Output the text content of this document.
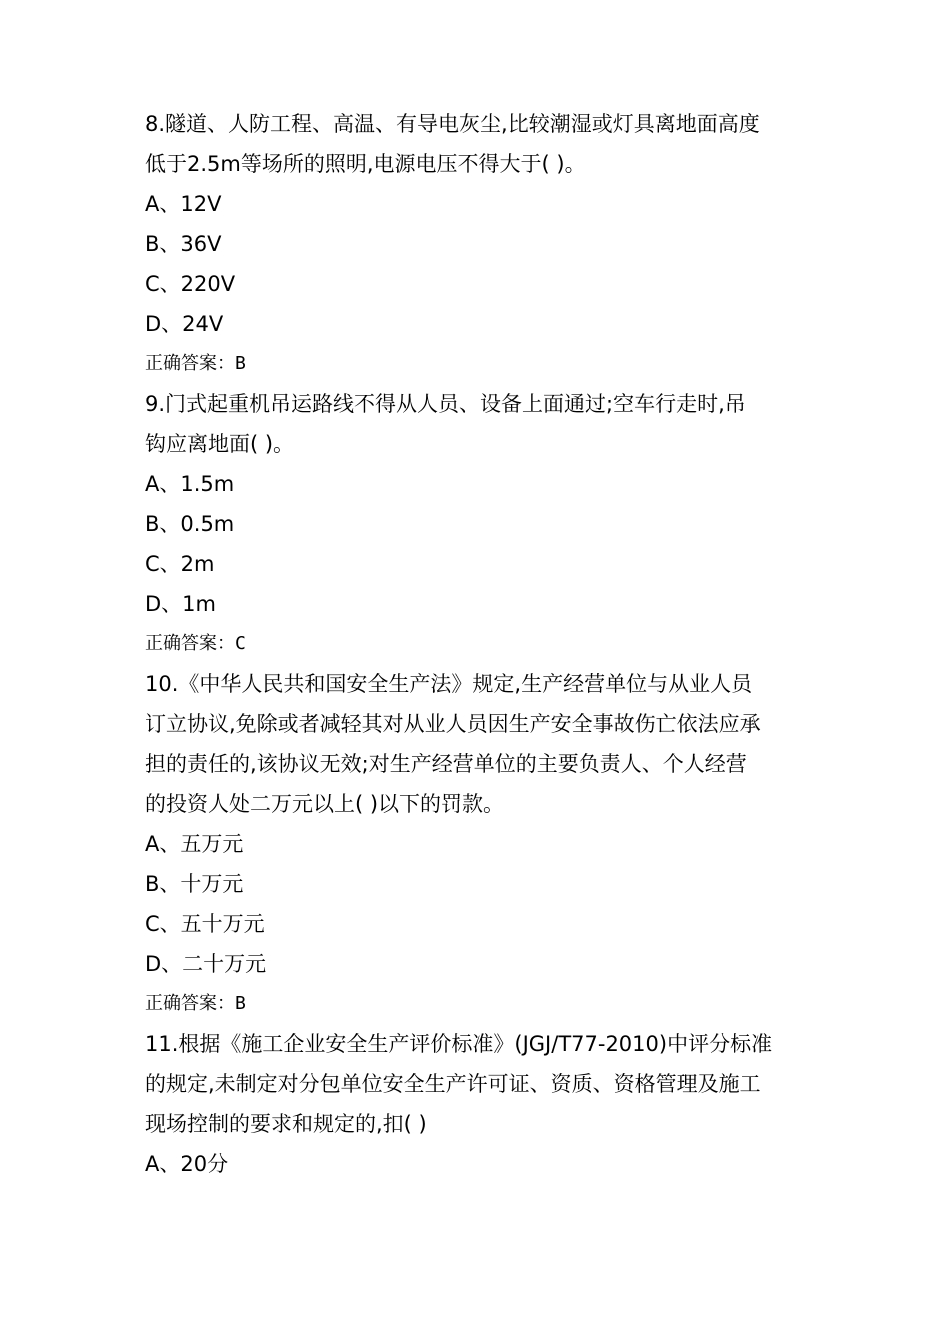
8.隧道、人防工程、高温、有导电灰尘,比较潮湿或灯具离地面高度
低于2.5m等场所的照明,电源电压不得大于( )。
A、12V
B、36V
C、220V
D、24V
正确答案：B
9.门式起重机吊运路线不得从人员、设备上面通过;空车行走时,吊
钩应离地面( )。
A、1.5m
B、0.5m
C、2m
D、1m
正确答案：C
10.《中华人民共和国安全生产法》规定,生产经营单位与从业人员
订立协议,免除或者减轻其对从业人员因生产安全事故伤亡依法应承
担的责任的,该协议无效;对生产经营单位的主要负责人、个人经营
的投资人处二万元以上( )以下的罚款。
A、五万元
B、十万元
C、五十万元
D、二十万元
正确答案：B
11.根据《施工企业安全生产评价标准》(JGJ/T77-2010)中评分标准
的规定,未制定对分包单位安全生产许可证、资质、资格管理及施工
现场控制的要求和规定的,扣( )
A、20分
